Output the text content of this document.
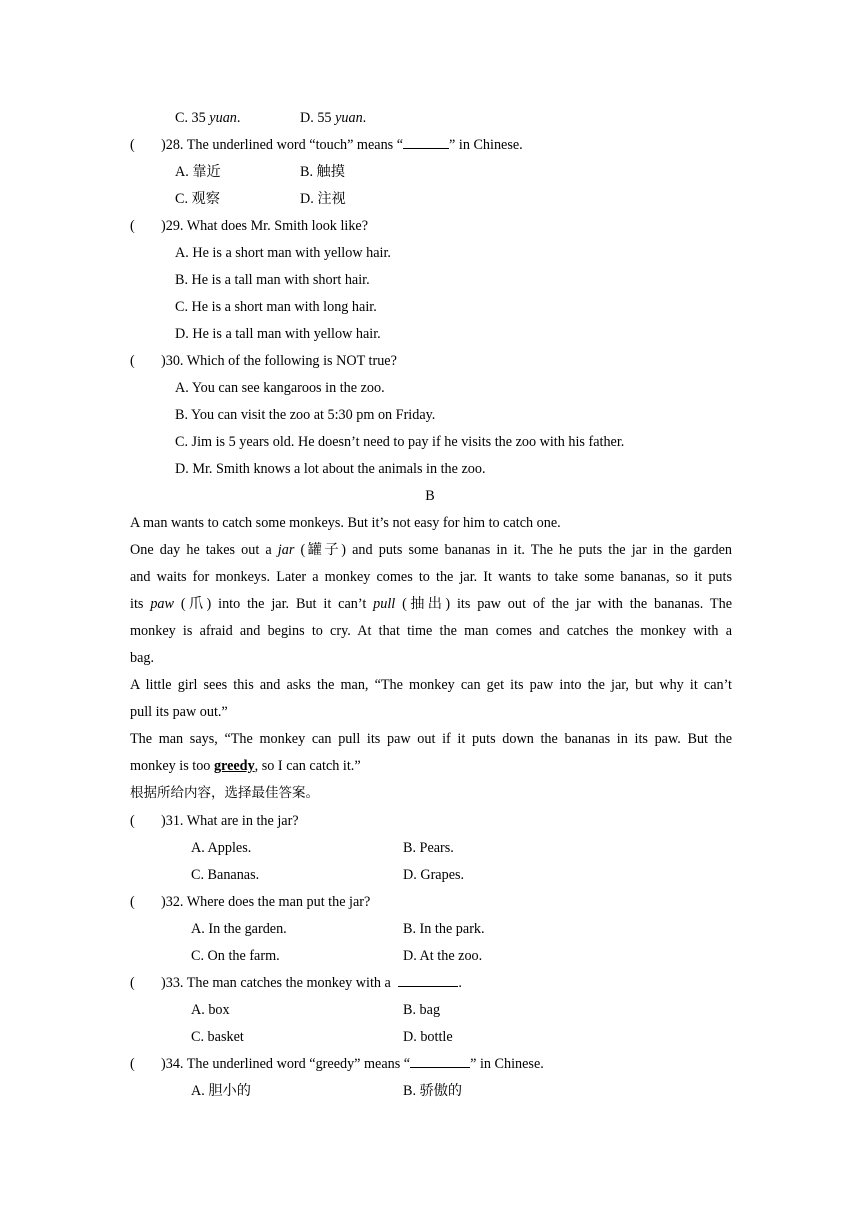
C. 35 yuan.	D. 55 yuan.
( )28. The underlined word “touch” means “	” in Chinese.
A. 靠近	B. 触摸
C. 观察	D. 注视
( )29. What does Mr. Smith look like?
A. He is a short man with yellow hair.
B. He is a tall man with short hair.
C. He is a short man with long hair.
D. He is a tall man with yellow hair.
( )30. Which of the following is NOT true?
A. You can see kangaroos in the zoo.
B. You can visit the zoo at 5:30 pm on Friday.
C. Jim is 5 years old. He doesn’t need to pay if he visits the zoo with his father.
D. Mr. Smith knows a lot about the animals in the zoo.
B
A man wants to catch some monkeys. But it’s not easy for him to catch one.
One day he takes out a jar (罐子) and puts some bananas in it. The he puts the jar in the garden
and waits for monkeys. Later a monkey comes to the jar. It wants to take some bananas, so it puts
its paw (爪) into the jar. But it can’t pull (抽出) its paw out of the jar with the bananas. The
monkey is afraid and begins to cry. At that time the man comes and catches the monkey with a
bag.
A little girl sees this and asks the man, “The monkey can get its paw into the jar, but why it can’t
pull its paw out.”
The man says, “The monkey can pull its paw out if it puts down the bananas in its paw. But the
monkey is too greedy, so I can catch it.”
根据所给内容，选择最佳答案。
( )31. What are in the jar?
A. Apples.	B. Pears.
C. Bananas.	D. Grapes.
( )32. Where does the man put the jar?
A. In the garden.	B. In the park.
C. On the farm.	D. At the zoo.
( )33. The man catches the monkey with a	.
A. box	B. bag
C. basket	D. bottle
( )34. The underlined word “greedy” means “	” in Chinese.
A. 胆小的	B. 骄傲的
